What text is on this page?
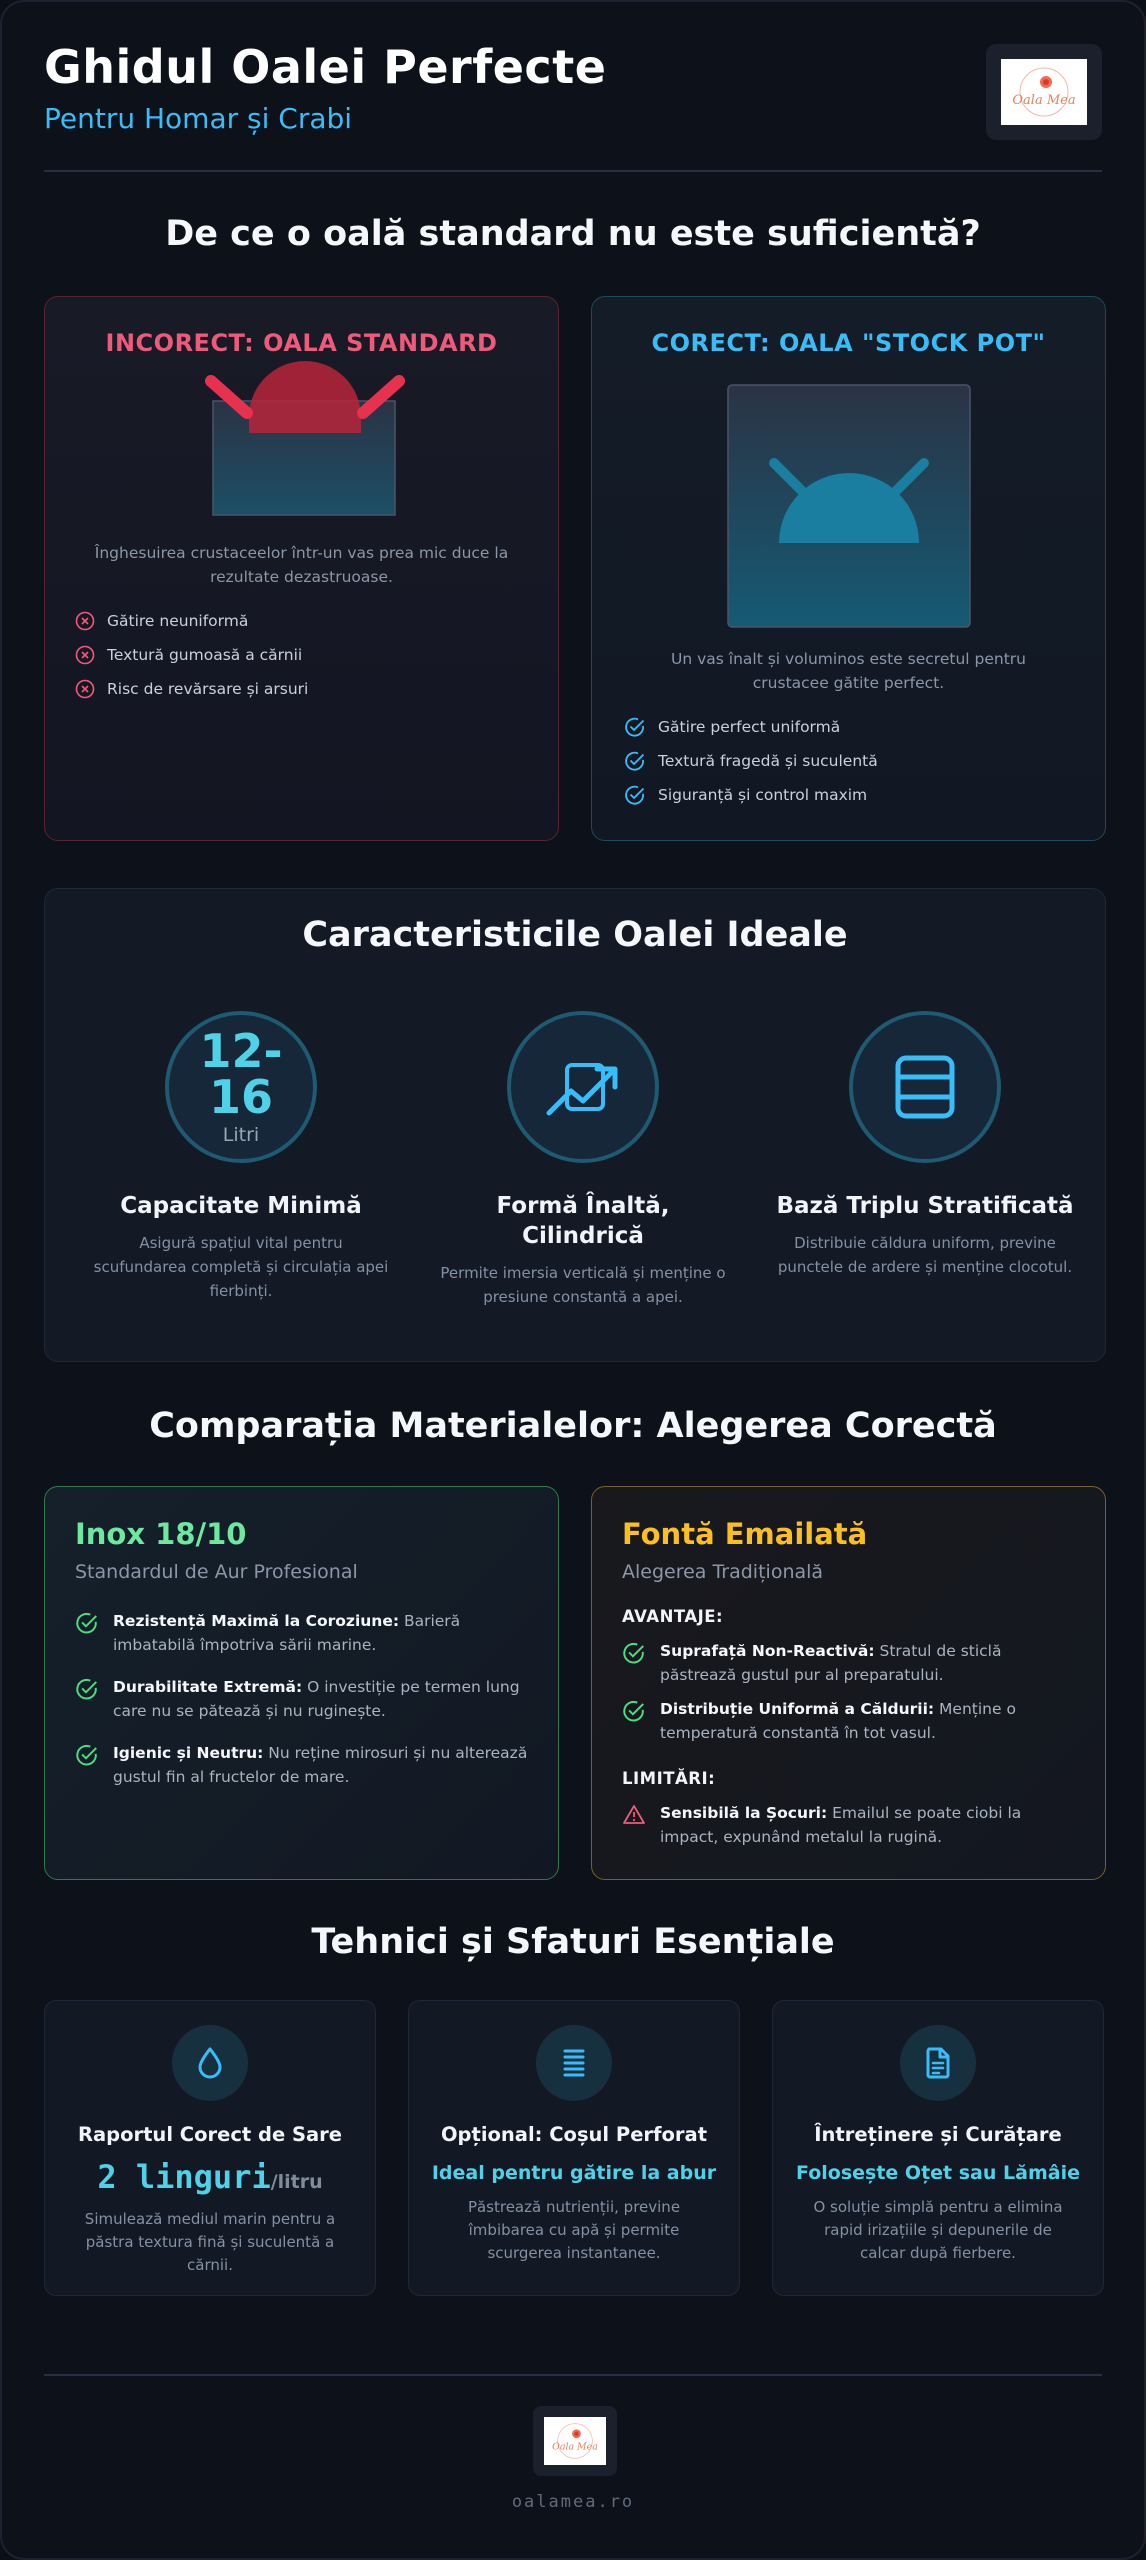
Ghidul Oalei Perfecte
Pentru Homar și Crabi
Oala Mea
De ce o oală standard nu este suficientă?
INCORECT: OALA STANDARD
Înghesuirea crustaceelor într-un vas prea mic duce la rezultate dezastruoase.
Gătire neuniformă
Textură gumoasă a cărnii
Risc de revărsare și arsuri
CORECT: OALA "STOCK POT"
Un vas înalt și voluminos este secretul pentru crustacee gătite perfect.
Gătire perfect uniformă
Textură fragedă și suculentă
Siguranță și control maxim
Caracteristicile Oalei Ideale
12-16
Litri
Capacitate Minimă

Asigură spațiul vital pentru scufundarea completă și circulația apei fierbinți.

Formă Înaltă, Cilindrică

Permite imersia verticală și menține o presiune constantă a apei.

Bază Triplu Stratificată

Distribuie căldura uniform, previne punctele de ardere și menține clocotul.

Comparația Materialelor: Alegerea Corectă
Inox 18/10
Standardul de Aur Profesional
Rezistență Maximă la Coroziune: Barieră imbatabilă împotriva sării marine.
Durabilitate Extremă: O investiție pe termen lung care nu se pătează și nu ruginește.
Igienic și Neutru: Nu reține mirosuri și nu alterează gustul fin al fructelor de mare.
Fontă Emailată
Alegerea Tradițională
AVANTAJE:
Suprafață Non-Reactivă: Stratul de sticlă păstrează gustul pur al preparatului.
Distribuție Uniformă a Căldurii: Menține o temperatură constantă în tot vasul.
LIMITĂRI:
Sensibilă la Șocuri: Emailul se poate ciobi la impact, expunând metalul la rugină.
Tehnici și Sfaturi Esențiale
Raportul Corect de Sare
2 linguri/litru

Simulează mediul marin pentru a păstra textura fină și suculentă a cărnii.

Opțional: Coșul Perforat
Ideal pentru gătire la abur

Păstrează nutrienții, previne îmbibarea cu apă și permite scurgerea instantanee.

Întreținere și Curățare
Folosește Oțet sau Lămâie

O soluție simplă pentru a elimina rapid irizațiile și depunerile de calcar după fierbere.

Oala Mea
oalamea.ro
